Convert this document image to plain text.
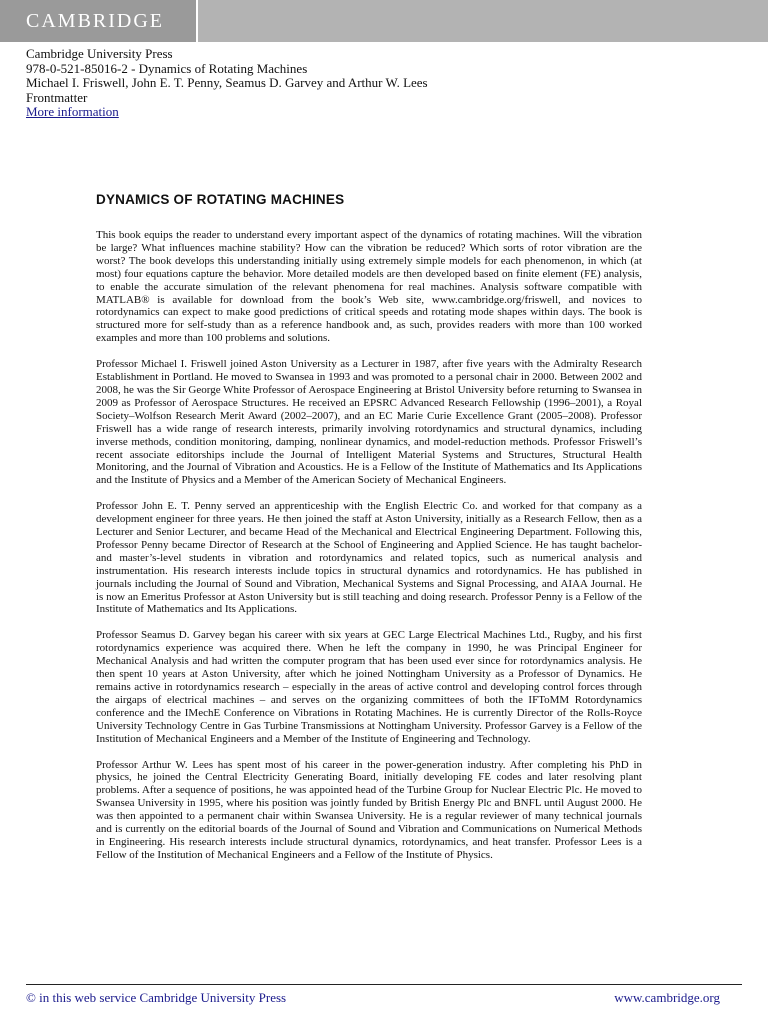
CAMBRIDGE
Cambridge University Press
978-0-521-85016-2 - Dynamics of Rotating Machines
Michael I. Friswell, John E. T. Penny, Seamus D. Garvey and Arthur W. Lees
Frontmatter
More information
DYNAMICS OF ROTATING MACHINES

This book equips the reader to understand every important aspect of the dynamics of rotating machines. Will the vibration be large? What influences machine stability? How can the vibration be reduced? Which sorts of rotor vibration are the worst? The book develops this understanding initially using extremely simple models for each phenomenon, in which (at most) four equations capture the behavior. More detailed models are then developed based on finite element (FE) analysis, to enable the accurate simulation of the relevant phenomena for real machines. Analysis software compatible with MATLAB® is available for download from the book’s Web site, www.cambridge.org/friswell, and novices to rotordynamics can expect to make good predictions of critical speeds and rotating mode shapes within days. The book is structured more for self-study than as a reference handbook and, as such, provides readers with more than 100 worked examples and more than 100 problems and solutions.

Professor Michael I. Friswell joined Aston University as a Lecturer in 1987, after five years with the Admiralty Research Establishment in Portland. He moved to Swansea in 1993 and was promoted to a personal chair in 2000. Between 2002 and 2008, he was the Sir George White Professor of Aerospace Engineering at Bristol University before returning to Swansea in 2009 as Professor of Aerospace Structures. He received an EPSRC Advanced Research Fellowship (1996–2001), a Royal Society–Wolfson Research Merit Award (2002–2007), and an EC Marie Curie Excellence Grant (2005–2008). Professor Friswell has a wide range of research interests, primarily involving rotordynamics and structural dynamics, including inverse methods, condition monitoring, damping, nonlinear dynamics, and model-reduction methods. Professor Friswell’s recent associate editorships include the Journal of Intelligent Material Systems and Structures, Structural Health Monitoring, and the Journal of Vibration and Acoustics. He is a Fellow of the Institute of Mathematics and Its Applications and the Institute of Physics and a Member of the American Society of Mechanical Engineers.

Professor John E. T. Penny served an apprenticeship with the English Electric Co. and worked for that company as a development engineer for three years. He then joined the staff at Aston University, initially as a Research Fellow, then as a Lecturer and Senior Lecturer, and became Head of the Mechanical and Electrical Engineering Department. Following this, Professor Penny became Director of Research at the School of Engineering and Applied Science. He has taught bachelor- and master’s-level students in vibration and rotordynamics and related topics, such as numerical analysis and instrumentation. His research interests include topics in structural dynamics and rotordynamics. He has published in journals including the Journal of Sound and Vibration, Mechanical Systems and Signal Processing, and AIAA Journal. He is now an Emeritus Professor at Aston University but is still teaching and doing research. Professor Penny is a Fellow of the Institute of Mathematics and Its Applications.

Professor Seamus D. Garvey began his career with six years at GEC Large Electrical Machines Ltd., Rugby, and his first rotordynamics experience was acquired there. When he left the company in 1990, he was Principal Engineer for Mechanical Analysis and had written the computer program that has been used ever since for rotordynamics analysis. He then spent 10 years at Aston University, after which he joined Nottingham University as a Professor of Dynamics. He remains active in rotordynamics research – especially in the areas of active control and developing control forces through the airgaps of electrical machines – and serves on the organizing committees of both the IFToMM Rotordynamics conference and the IMechE Conference on Vibrations in Rotating Machines. He is currently Director of the Rolls-Royce University Technology Centre in Gas Turbine Transmissions at Nottingham University. Professor Garvey is a Fellow of the Institution of Mechanical Engineers and a Member of the Institute of Engineering and Technology.

Professor Arthur W. Lees has spent most of his career in the power-generation industry. After completing his PhD in physics, he joined the Central Electricity Generating Board, initially developing FE codes and later resolving plant problems. After a sequence of positions, he was appointed head of the Turbine Group for Nuclear Electric Plc. He moved to Swansea University in 1995, where his position was jointly funded by British Energy Plc and BNFL until August 2000. He was then appointed to a permanent chair within Swansea University. He is a regular reviewer of many technical journals and is currently on the editorial boards of the Journal of Sound and Vibration and Communications on Numerical Methods in Engineering. His research interests include structural dynamics, rotordynamics, and heat transfer. Professor Lees is a Fellow of the Institution of Mechanical Engineers and a Fellow of the Institute of Physics.

© in this web service Cambridge University Press	www.cambridge.org
